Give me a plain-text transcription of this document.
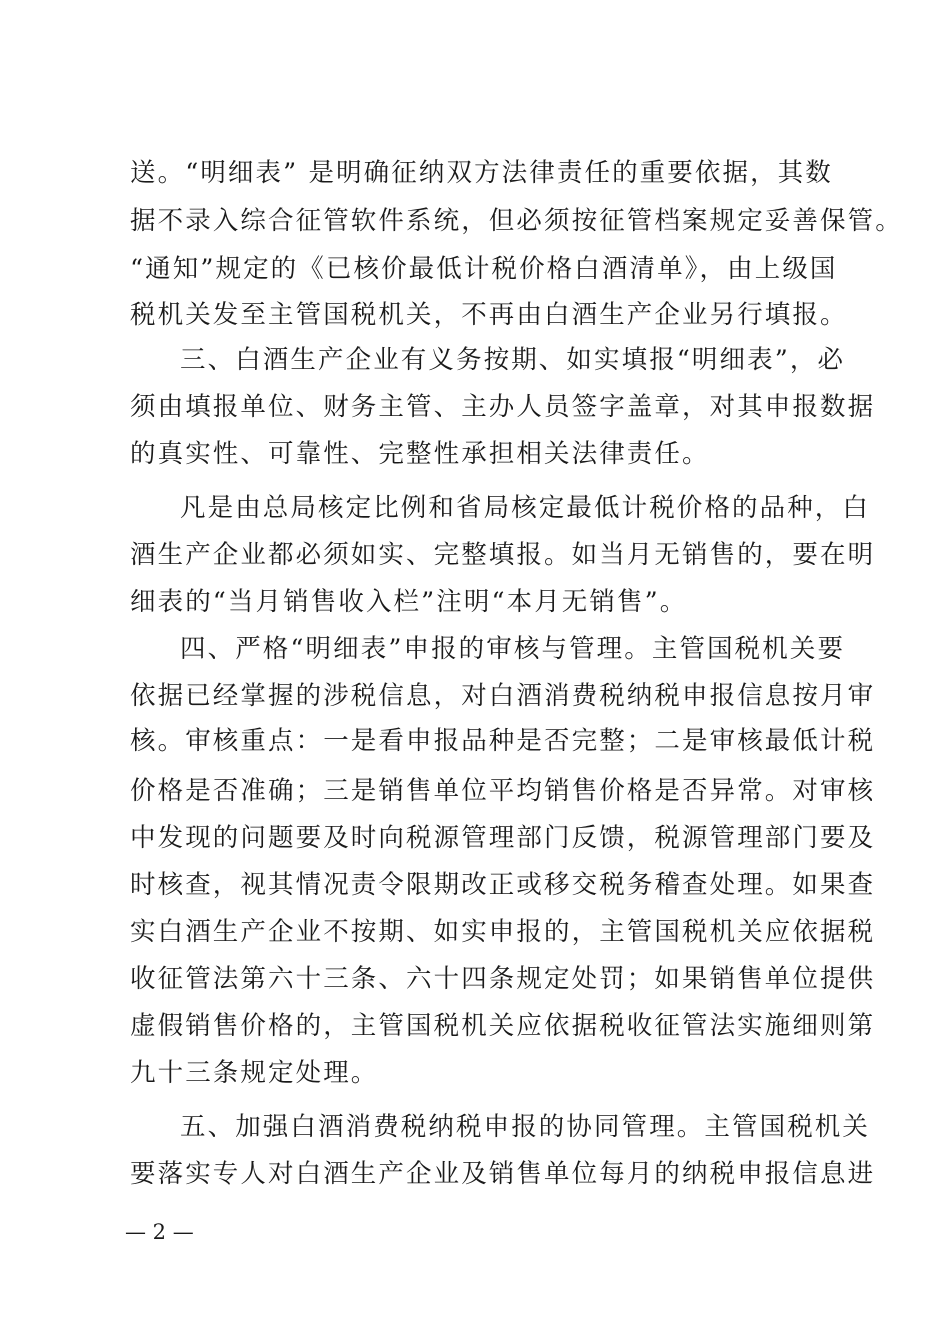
送。“明细表” 是明确征纳双方法律责任的重要依据，其数
据不录入综合征管软件系统，但必须按征管档案规定妥善保管。
“通知”规定的《已核价最低计税价格白酒清单》，由上级国
税机关发至主管国税机关，不再由白酒生产企业另行填报。
三、白酒生产企业有义务按期、如实填报“明细表”，必
须由填报单位、财务主管、主办人员签字盖章，对其申报数据
的真实性、可靠性、完整性承担相关法律责任。
凡是由总局核定比例和省局核定最低计税价格的品种，白
酒生产企业都必须如实、完整填报。如当月无销售的，要在明
细表的“当月销售收入栏”注明“本月无销售”。
四、严格“明细表”申报的审核与管理。主管国税机关要
依据已经掌握的涉税信息，对白酒消费税纳税申报信息按月审
核。审核重点：一是看申报品种是否完整；二是审核最低计税
价格是否准确；三是销售单位平均销售价格是否异常。对审核
中发现的问题要及时向税源管理部门反馈，税源管理部门要及
时核查，视其情况责令限期改正或移交税务稽查处理。如果查
实白酒生产企业不按期、如实申报的，主管国税机关应依据税
收征管法第六十三条、六十四条规定处罚；如果销售单位提供
虚假销售价格的，主管国税机关应依据税收征管法实施细则第
九十三条规定处理。
五、加强白酒消费税纳税申报的协同管理。主管国税机关
要落实专人对白酒生产企业及销售单位每月的纳税申报信息进
— 2 —
